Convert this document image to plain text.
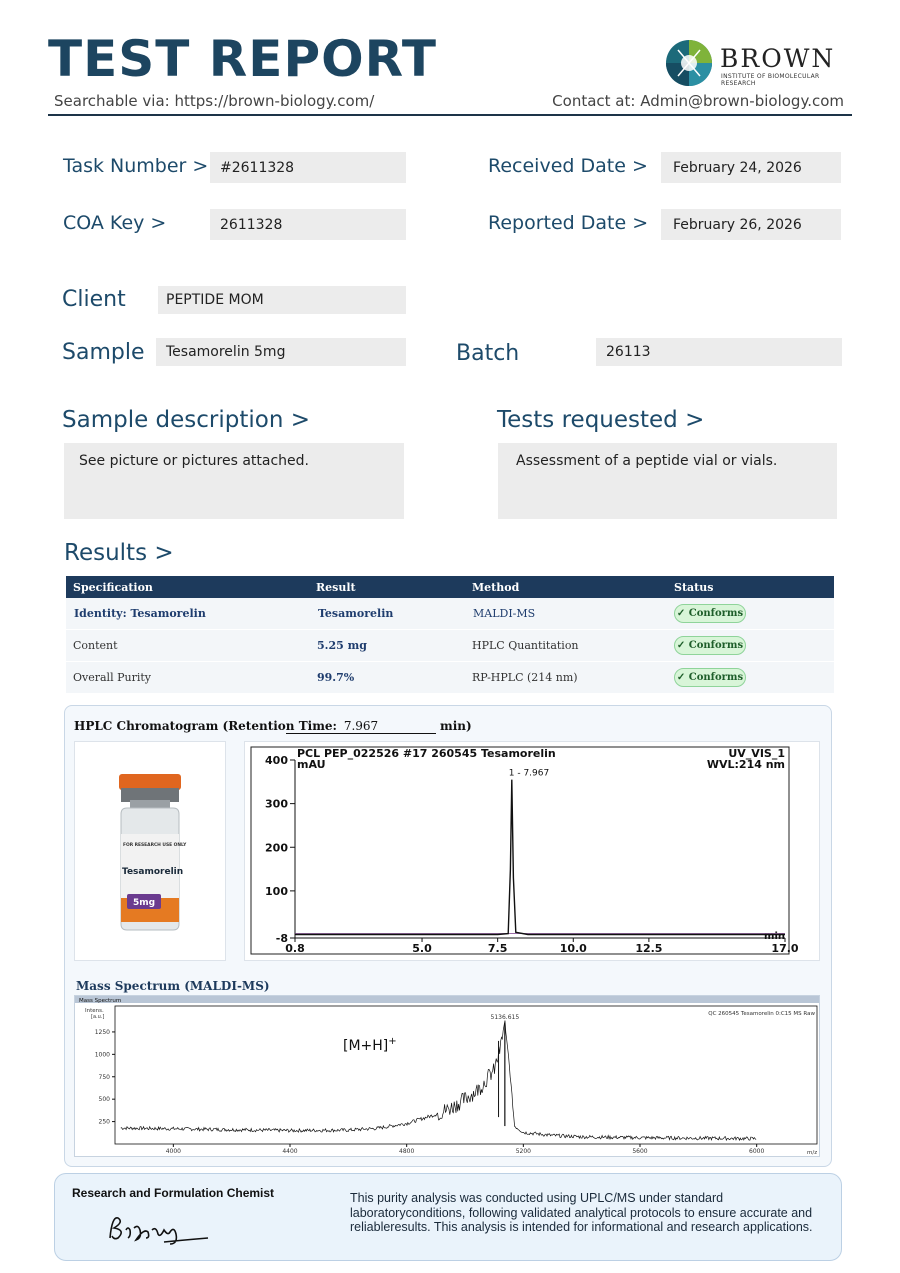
TEST REPORT
Searchable via: https://brown-biology.com/	Contact at: Admin@brown-biology.com
BROWN
INSTITUTE OF BIOMOLECULAR RESEARCH
Task Number > #2611328
COA Key >	2611328
Received Date >	February 24, 2026
Reported Date >	February 26, 2026
Client	PEPTIDE MOM
Sample	Tesamorelin 5mg	Batch	26113
Sample description >
See picture or pictures attached.
Tests requested >
Assessment of a peptide vial or vials.
Results >
Specification	Result	Method	Status
Identity: Tesamorelin	Tesamorelin	MALDI-MS	✓ Conforms
Content	5.25 mg	HPLC Quantitation	✓ Conforms
Overall Purity	99.7%	RP-HPLC (214 nm)	✓ Conforms
HPLC Chromatogram (Retention Time: 7.967	min)
5mg
FOR RESEARCH USE ONLY
Tesamorelin
PCL PEP_022526 #17 260545 Tesamorelin	UV_VIS_1
WVL:214 nm
mAU
min
-8
100
200
300
400
0.8	5.0	7.5	10.0	12.5	17.0
1 - 7.967
Mass Spectrum (MALDI-MS)
Mass Spectrum
Intens.
[a.u.]	QC 260545 Tesamorelin 0:C15 MS Raw
m/z
[M+H]+
250
500
750
1000
1250
4000	4400	4800	5200	5600	6000
5136.615
Research and Formulation Chemist	This purity analysis was conducted using UPLC/MS under standard laboratoryconditions, following validated analytical protocols to ensure accurate and reliableresults. This analysis is intended for informational and research applications.
